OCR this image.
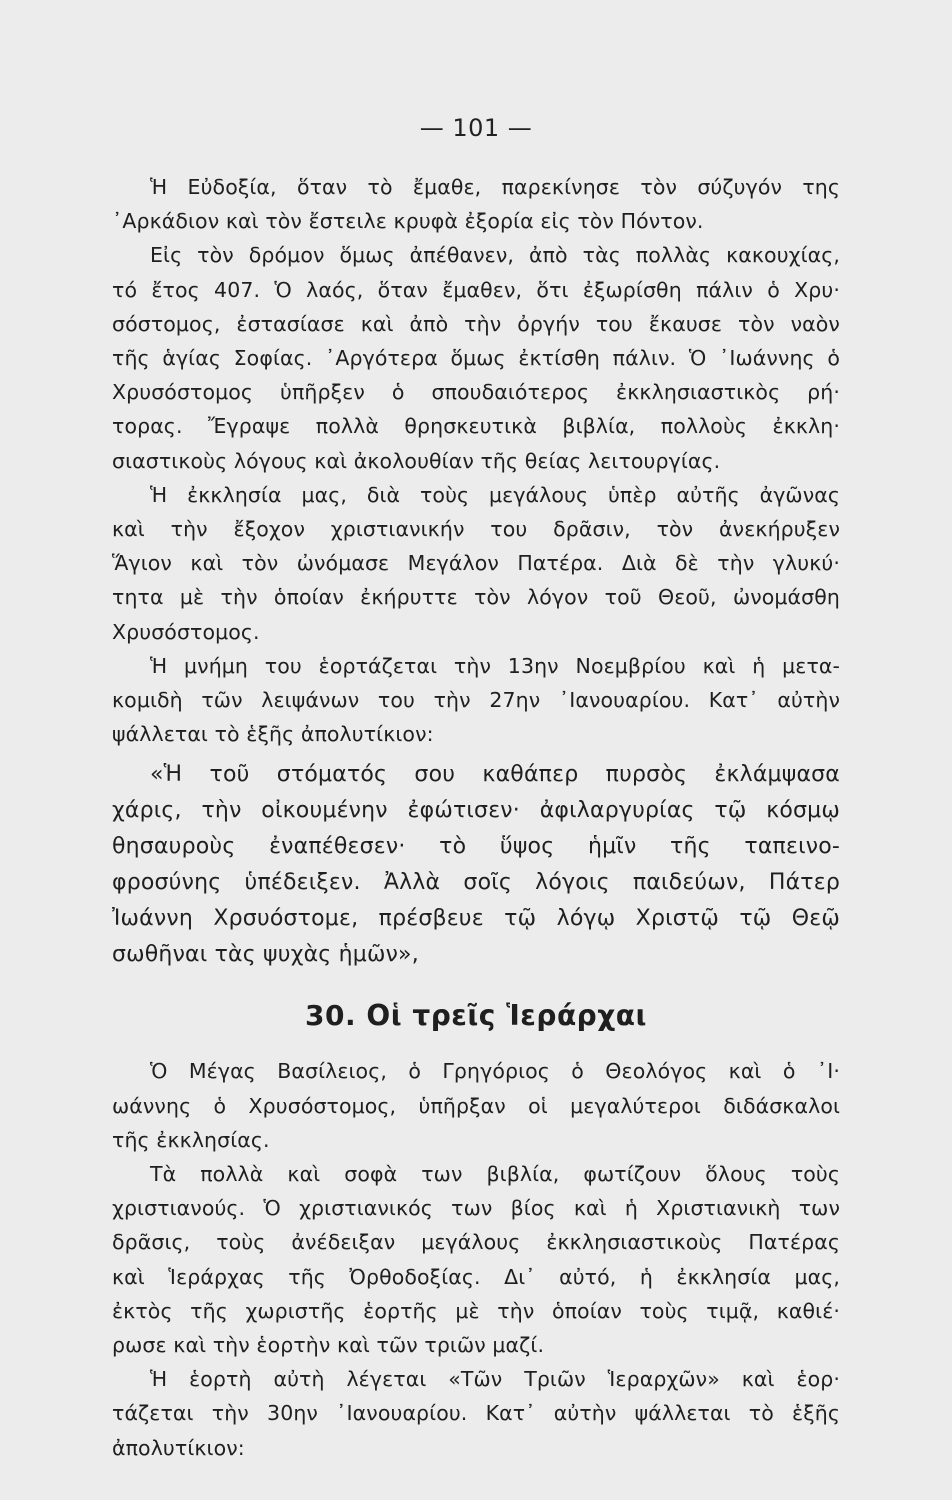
— 101 —
Ἡ Εὐδοξία, ὅταν τὸ ἔμαθε, παρεκίνησε τὸν σύζυγόν της
᾿Αρκάδιον καὶ τὸν ἔστειλε κρυφὰ ἐξορία εἰς τὸν Πόντον.
Εἰς τὸν δρόμον ὅμως ἀπέθανεν, ἀπὸ τὰς πολλὰς κακουχίας,
τό ἔτος 407. Ὁ λαός, ὅταν ἔμαθεν, ὅτι ἐξωρίσθη πάλιν ὁ Χρυ·
σόστομος, ἐστασίασε καὶ ἀπὸ τὴν ὀργήν του ἔκαυσε τὸν ναὸν
τῆς ἁγίας Σοφίας. ᾿Αργότερα ὅμως ἐκτίσθη πάλιν. Ὁ ᾿Ιωάννης ὁ
Χρυσόστομος ὑπῆρξεν ὁ σπουδαιότερος ἐκκλησιαστικὸς ρή·
τορας. Ἔγραψε πολλὰ θρησκευτικὰ βιβλία, πολλοὺς ἐκκλη·
σιαστικοὺς λόγους καὶ ἀκολουθίαν τῆς θείας λειτουργίας.
Ἡ ἐκκλησία μας, διὰ τοὺς μεγάλους ὑπὲρ αὐτῆς ἀγῶνας
καὶ τὴν ἔξοχον χριστιανικήν του δρᾶσιν, τὸν ἀνεκήρυξεν
Ἅγιον καὶ τὸν ὠνόμασε Μεγάλον Πατέρα. Διὰ δὲ τὴν γλυκύ·
τητα μὲ τὴν ὁποίαν ἐκήρυττε τὸν λόγον τοῦ Θεοῦ, ὠνομάσθη
Χρυσόστομος.
Ἡ μνήμη του ἑορτάζεται τὴν 13ην Νοεμβρίου καὶ ἡ μετα-
κομιδὴ τῶν λειψάνων του τὴν 27ην ᾿Ιανουαρίου. Κατ᾿ αὐτὴν
ψάλλεται τὸ ἑξῆς ἀπολυτίκιον:
«Ἡ τοῦ στόματός σου καθάπερ πυρσὸς ἐκλάμψασα
χάρις, τὴν οἰκουμένην ἐφώτισεν· ἀφιλαργυρίας τῷ κόσμῳ
θησαυροὺς ἐναπέθεσεν· τὸ ὕψος ἡμῖν τῆς ταπεινο-
φροσύνης ὑπέδειξεν. Ἀλλὰ σοῖς λόγοις παιδεύων, Πάτερ
Ἰωάννη Χρσυόστομε, πρέσβευε τῷ λόγῳ Χριστῷ τῷ Θεῷ
σωθῆναι τὰς ψυχὰς ἡμῶν»,
30. Οἱ τρεῖς Ἱεράρχαι
Ὁ Μέγας Βασίλειος, ὁ Γρηγόριος ὁ Θεολόγος καὶ ὁ ᾿Ι·
ωάννης ὁ Χρυσόστομος, ὑπῆρξαν οἱ μεγαλύτεροι διδάσκαλοι
τῆς ἐκκλησίας.
Τὰ πολλὰ καὶ σοφὰ των βιβλία, φωτίζουν ὅλους τοὺς
χριστιανούς. Ὁ χριστιανικός των βίος καὶ ἡ Χριστιανικὴ των
δρᾶσις, τοὺς ἀνέδειξαν μεγάλους ἐκκλησιαστικοὺς Πατέρας
καὶ Ἱεράρχας τῆς Ὀρθοδοξίας. Δι᾿ αὐτό, ἡ ἐκκλησία μας,
ἐκτὸς τῆς χωριστῆς ἑορτῆς μὲ τὴν ὁποίαν τοὺς τιμᾷ, καθιέ·
ρωσε καὶ τὴν ἑορτὴν καὶ τῶν τριῶν μαζί.
Ἡ ἑορτὴ αὐτὴ λέγεται «Τῶν Τριῶν Ἱεραρχῶν» καὶ ἑορ·
τάζεται τὴν 30ην ᾿Ιανουαρίου. Κατ᾿ αὐτὴν ψάλλεται τὸ ἑξῆς
ἀπολυτίκιον:
